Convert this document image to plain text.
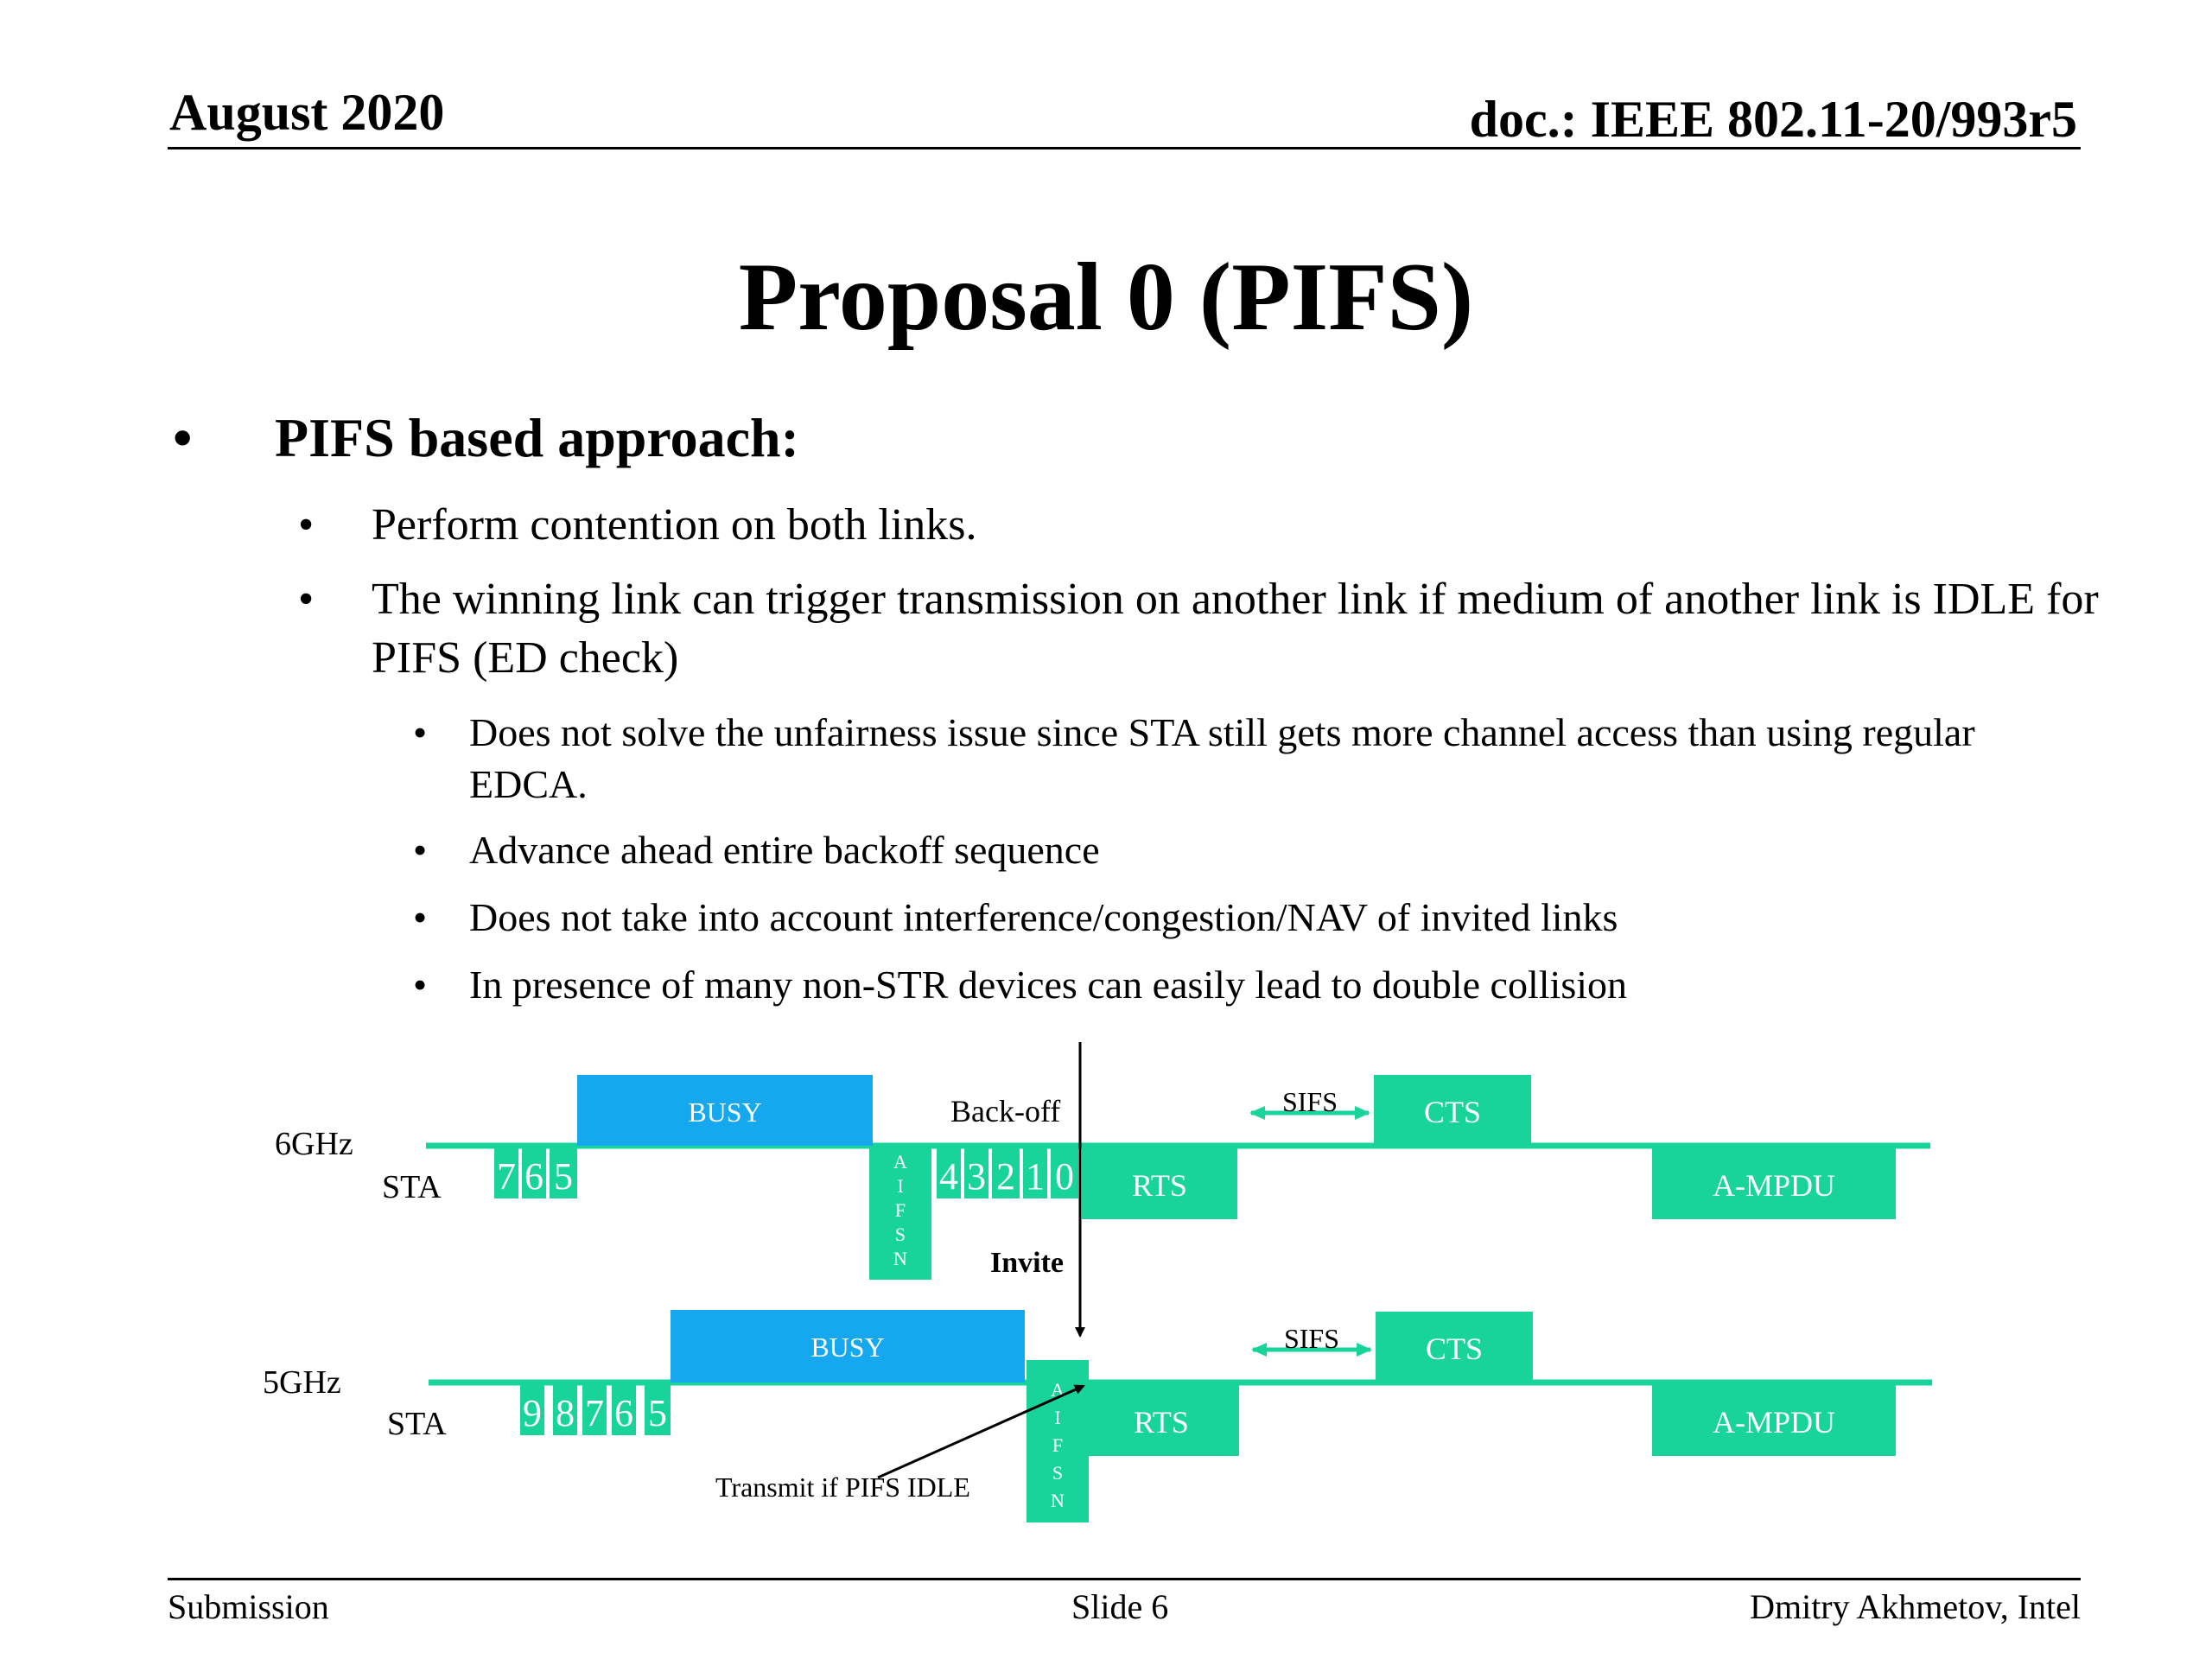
August 2020	doc.: IEEE 802.11-20/993r5
Proposal 0 (PIFS)
•	PIFS based approach:
•	Perform contention on both links.
•	The winning link can trigger transmission on another link if medium of another link is IDLE for PIFS (ED check)
•	Does not solve the unfairness issue since STA still gets more channel access than using regular EDCA.
•	Advance ahead entire backoff sequence
•	Does not take into account interference/congestion/NAV of invited links
•	In presence of many non-STR devices can easily lead to double collision
6GHz
STA
BUSY
7 6 5	A
I
F
S
N
4 3 2 1 0
Back-off
RTS
SIFS	CTS
A-MPDU
Invite
5GHz
STA
BUSY
9 8 7 6 5
A
I
F
S
N
RTS
SIFS	CTS
A-MPDU
Transmit if PIFS IDLE
Submission	Slide 6	Dmitry Akhmetov, Intel
